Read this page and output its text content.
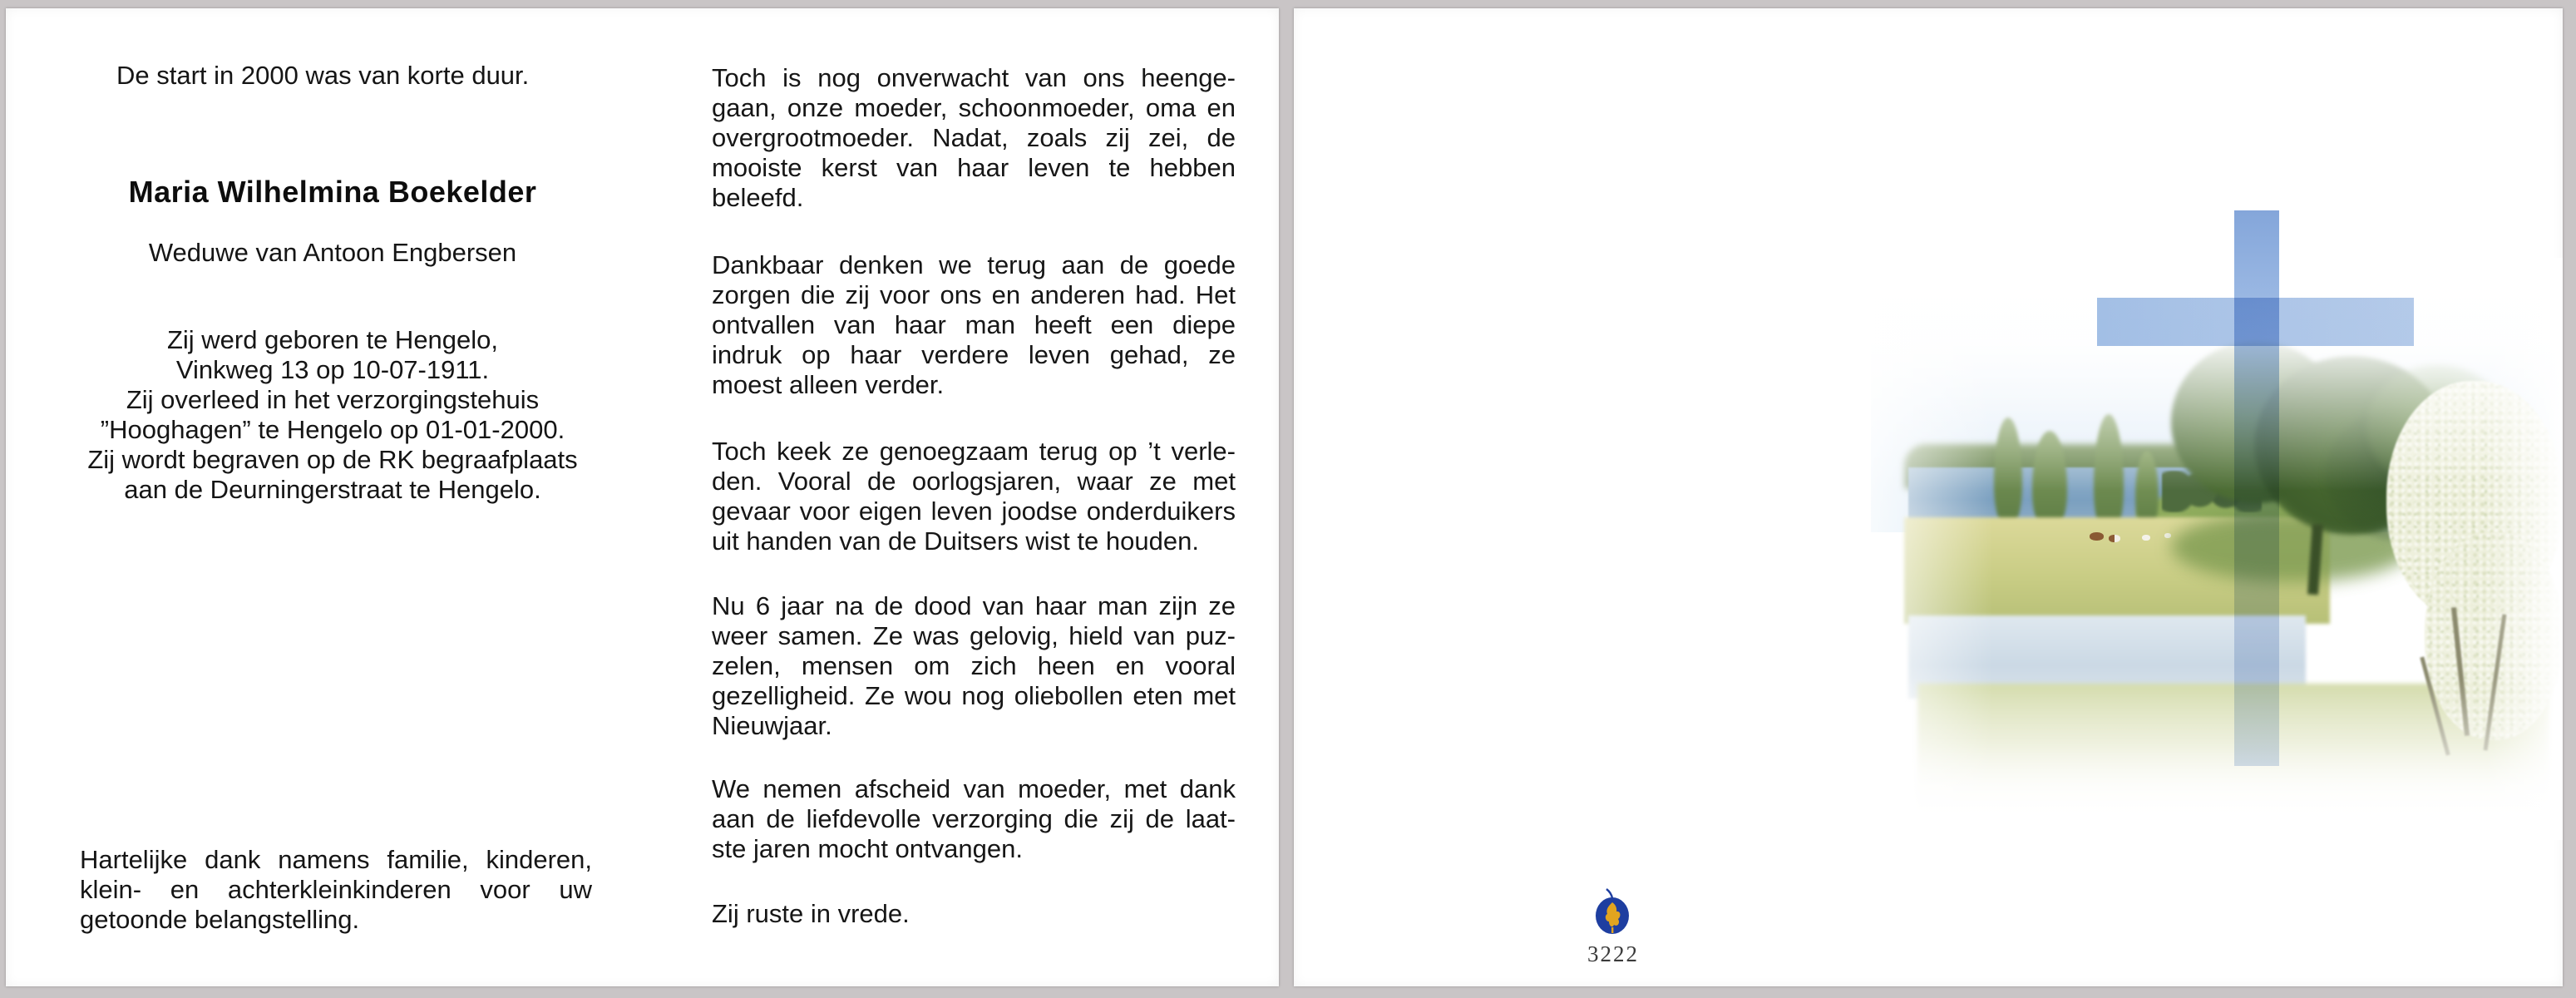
De start in 2000 was van korte duur.
Maria Wilhelmina Boekelder
Weduwe van Antoon Engbersen
Zij werd geboren te Hengelo,
Vinkweg 13 op 10-07-1911.
Zij overleed in het verzorgingstehuis
”Hooghagen” te Hengelo op 01-01-2000.
Zij wordt begraven op de RK begraafplaats
aan de Deurningerstraat te Hengelo.
Hartelijke dank namens familie, kinderen,
klein- en achterkleinkinderen voor uw
getoonde belangstelling.
Toch is nog onverwacht van ons heenge-
gaan, onze moeder, schoonmoeder, oma en
overgrootmoeder. Nadat, zoals zij zei, de
mooiste kerst van haar leven te hebben
beleefd.
Dankbaar denken we terug aan de goede
zorgen die zij voor ons en anderen had. Het
ontvallen van haar man heeft een diepe
indruk op haar verdere leven gehad, ze
moest alleen verder.
Toch keek ze genoegzaam terug op ’t verle-
den. Vooral de oorlogsjaren, waar ze met
gevaar voor eigen leven joodse onderduikers
uit handen van de Duitsers wist te houden.
Nu 6 jaar na de dood van haar man zijn ze
weer samen. Ze was gelovig, hield van puz-
zelen, mensen om zich heen en vooral
gezelligheid. Ze wou nog oliebollen eten met
Nieuwjaar.
We nemen afscheid van moeder, met dank
aan de liefdevolle verzorging die zij de laat-
ste jaren mocht ontvangen.
Zij ruste in vrede.
3222
